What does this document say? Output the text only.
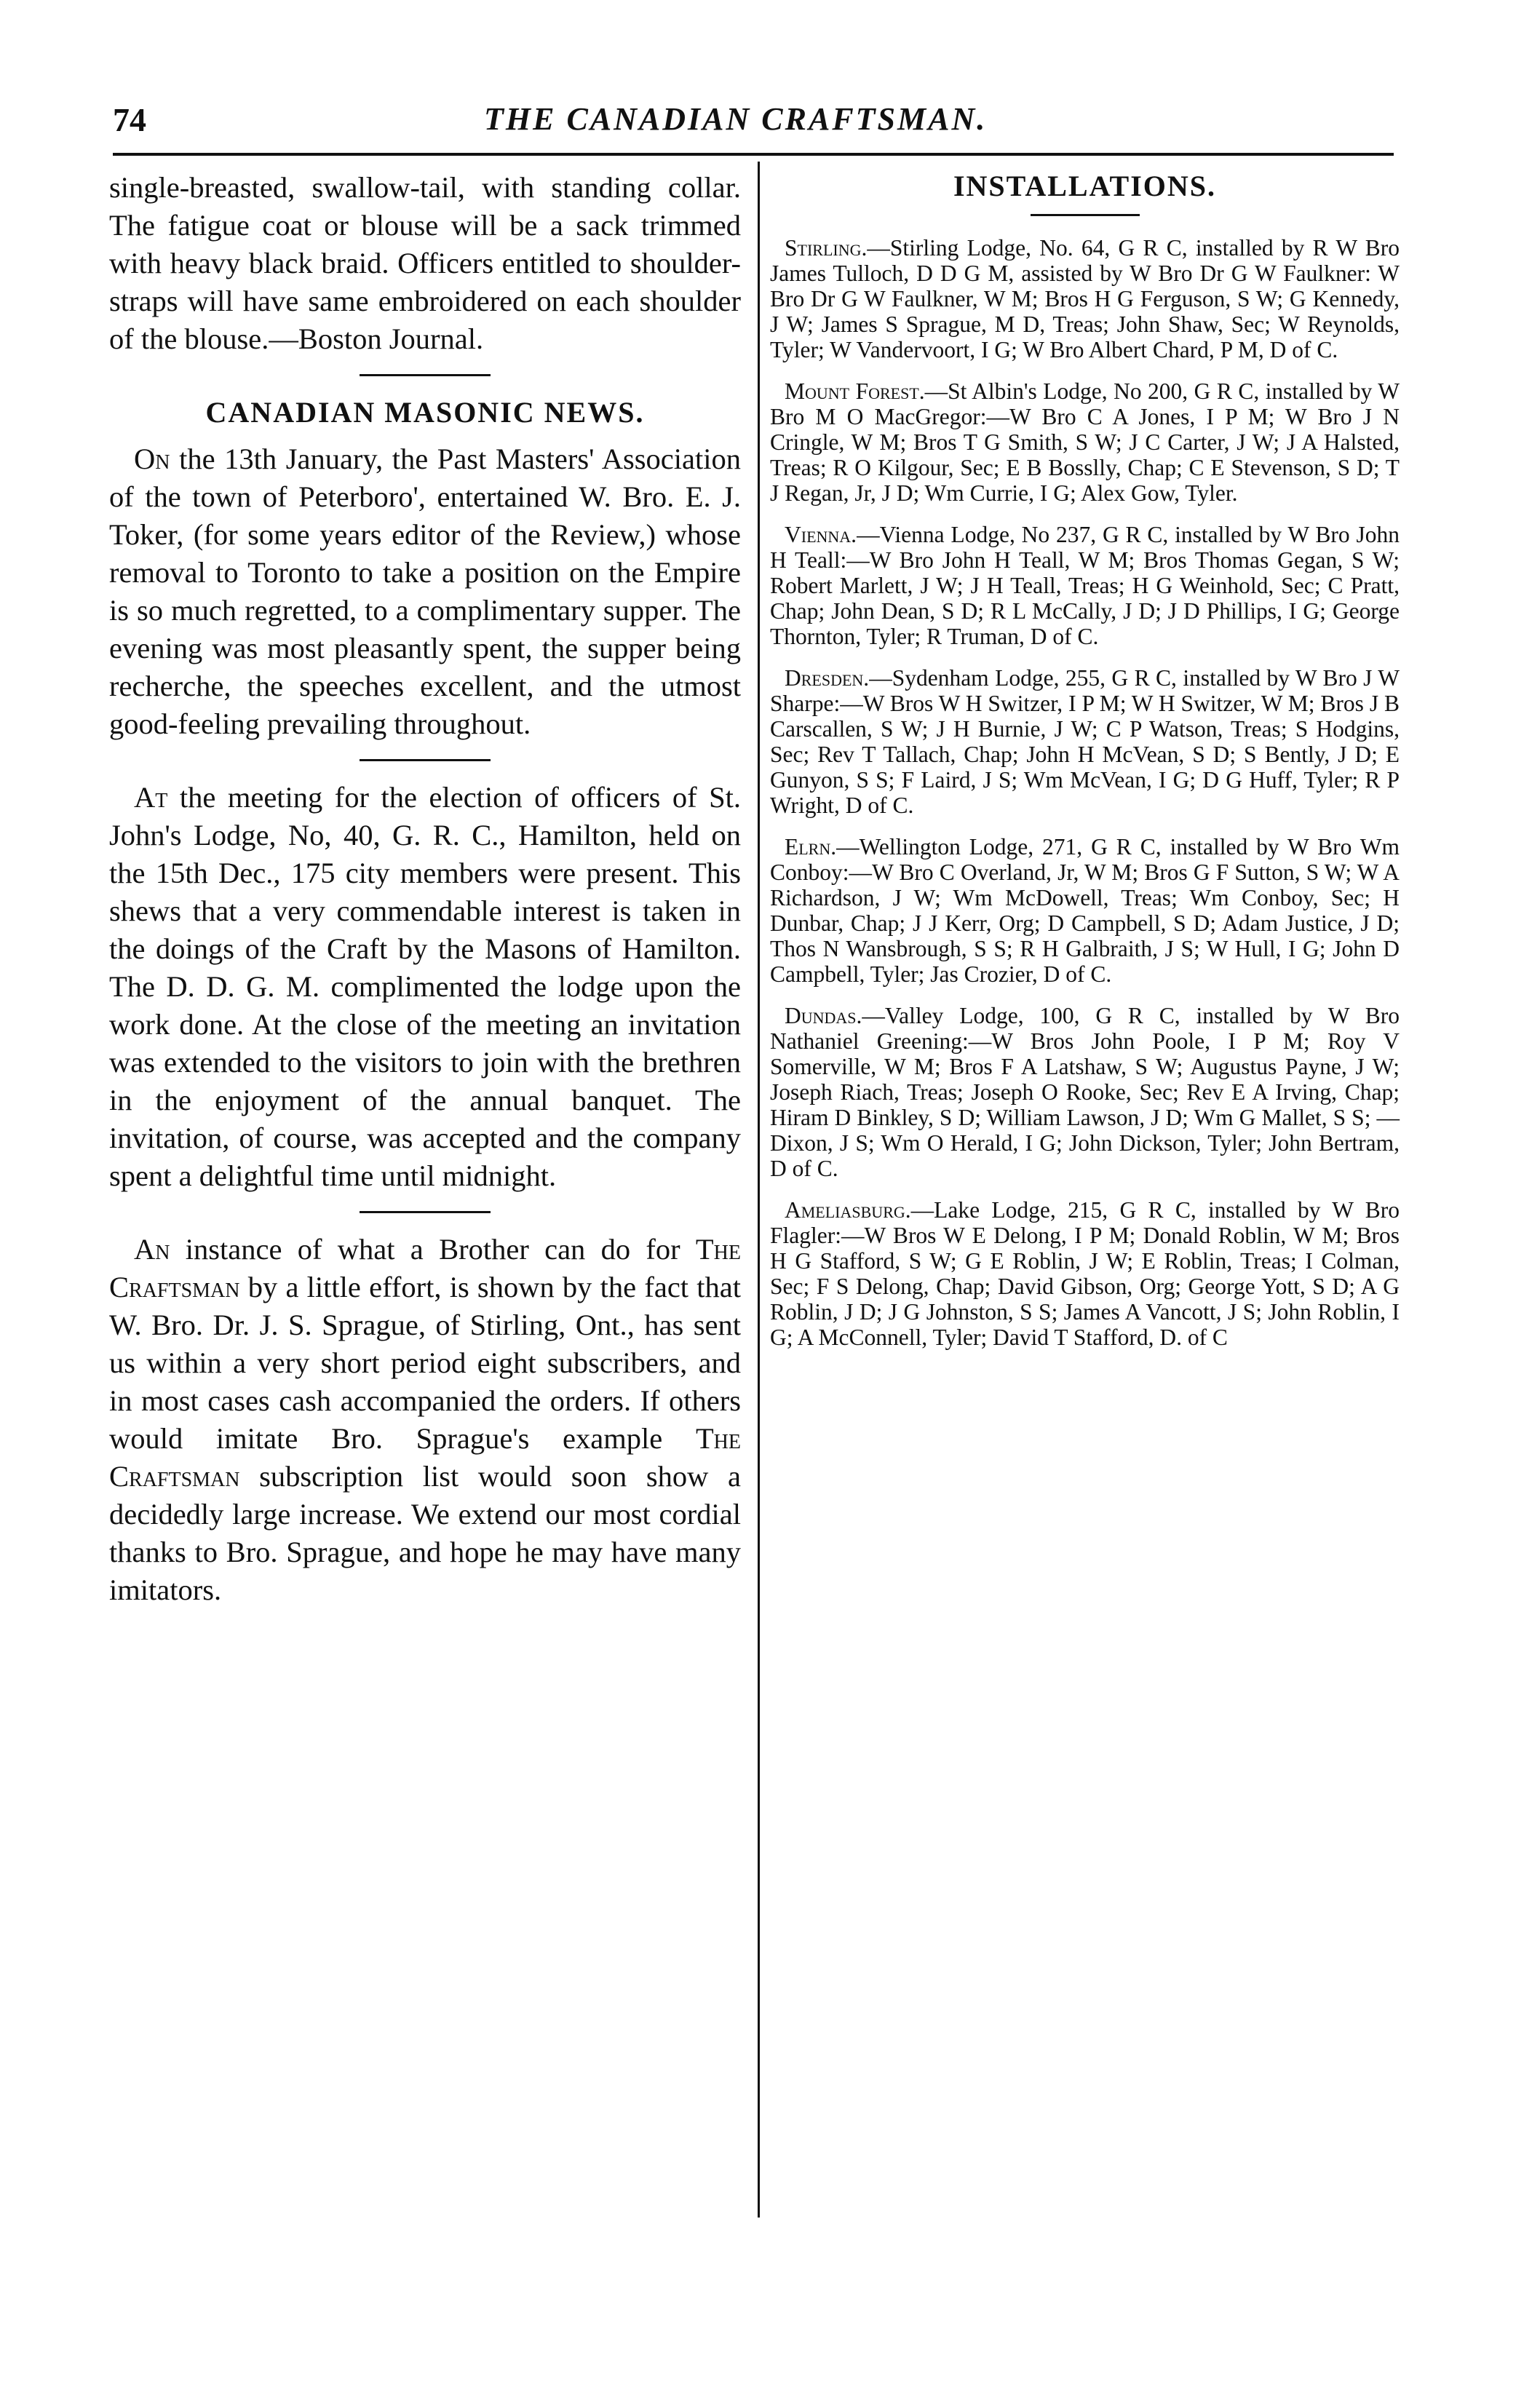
74	THE CANADIAN CRAFTSMAN.

single-breasted, swallow-tail, with standing collar. The fatigue coat or blouse will be a sack trimmed with heavy black braid. Officers entitled to shoulder-straps will have same embroidered on each shoulder of the blouse.—Boston Journal.

CANADIAN MASONIC NEWS.

On the 13th January, the Past Masters' Association of the town of Peterboro', entertained W. Bro. E. J. Toker, (for some years editor of the Review,) whose removal to Toronto to take a position on the Empire is so much regretted, to a complimentary supper. The evening was most pleasantly spent, the supper being recherche, the speeches excellent, and the utmost good-feeling prevailing throughout.

At the meeting for the election of officers of St. John's Lodge, No, 40, G. R. C., Hamilton, held on the 15th Dec., 175 city members were present. This shews that a very commendable interest is taken in the doings of the Craft by the Masons of Hamilton. The D. D. G. M. complimented the lodge upon the work done. At the close of the meeting an invitation was extended to the visitors to join with the brethren in the enjoyment of the annual banquet. The invitation, of course, was accepted and the company spent a delightful time until midnight.

An instance of what a Brother can do for The Craftsman by a little effort, is shown by the fact that W. Bro. Dr. J. S. Sprague, of Stirling, Ont., has sent us within a very short period eight subscribers, and in most cases cash accompanied the orders. If others would imitate Bro. Sprague's example The Craftsman subscription list would soon show a decidedly large increase. We extend our most cordial thanks to Bro. Sprague, and hope he may have many imitators.

INSTALLATIONS.

Stirling.—Stirling Lodge, No. 64, G R C, installed by R W Bro James Tulloch, D D G M, assisted by W Bro Dr G W Faulkner: W Bro Dr G W Faulkner, W M; Bros H G Ferguson, S W; G Kennedy, J W; James S Sprague, M D, Treas; John Shaw, Sec; W Reynolds, Tyler; W Vandervoort, I G; W Bro Albert Chard, P M, D of C.

Mount Forest.—St Albin's Lodge, No 200, G R C, installed by W Bro M O MacGregor:—W Bro C A Jones, I P M; W Bro J N Cringle, W M; Bros T G Smith, S W; J C Carter, J W; J A Halsted, Treas; R O Kilgour, Sec; E B Bosslly, Chap; C E Stevenson, S D; T J Regan, Jr, J D; Wm Currie, I G; Alex Gow, Tyler.

Vienna.—Vienna Lodge, No 237, G R C, installed by W Bro John H Teall:—W Bro John H Teall, W M; Bros Thomas Gegan, S W; Robert Marlett, J W; J H Teall, Treas; H G Weinhold, Sec; C Pratt, Chap; John Dean, S D; R L McCally, J D; J D Phillips, I G; George Thornton, Tyler; R Truman, D of C.

Dresden.—Sydenham Lodge, 255, G R C, installed by W Bro J W Sharpe:—W Bros W H Switzer, I P M; W H Switzer, W M; Bros J B Carscallen, S W; J H Burnie, J W; C P Watson, Treas; S Hodgins, Sec; Rev T Tallach, Chap; John H McVean, S D; S Bently, J D; E Gunyon, S S; F Laird, J S; Wm McVean, I G; D G Huff, Tyler; R P Wright, D of C.

Elrn.—Wellington Lodge, 271, G R C, installed by W Bro Wm Conboy:—W Bro C Overland, Jr, W M; Bros G F Sutton, S W; W A Richardson, J W; Wm McDowell, Treas; Wm Conboy, Sec; H Dunbar, Chap; J J Kerr, Org; D Campbell, S D; Adam Justice, J D; Thos N Wansbrough, S S; R H Galbraith, J S; W Hull, I G; John D Campbell, Tyler; Jas Crozier, D of C.

Dundas.—Valley Lodge, 100, G R C, installed by W Bro Nathaniel Greening:—W Bros John Poole, I P M; Roy V Somerville, W M; Bros F A Latshaw, S W; Augustus Payne, J W; Joseph Riach, Treas; Joseph O Rooke, Sec; Rev E A Irving, Chap; Hiram D Binkley, S D; William Lawson, J D; Wm G Mallet, S S; — Dixon, J S; Wm O Herald, I G; John Dickson, Tyler; John Bertram, D of C.

Ameliasburg.—Lake Lodge, 215, G R C, installed by W Bro Flagler:—W Bros W E Delong, I P M; Donald Roblin, W M; Bros H G Stafford, S W; G E Roblin, J W; E Roblin, Treas; I Colman, Sec; F S Delong, Chap; David Gibson, Org; George Yott, S D; A G Roblin, J D; J G Johnston, S S; James A Vancott, J S; John Roblin, I G; A McConnell, Tyler; David T Stafford, D. of C
